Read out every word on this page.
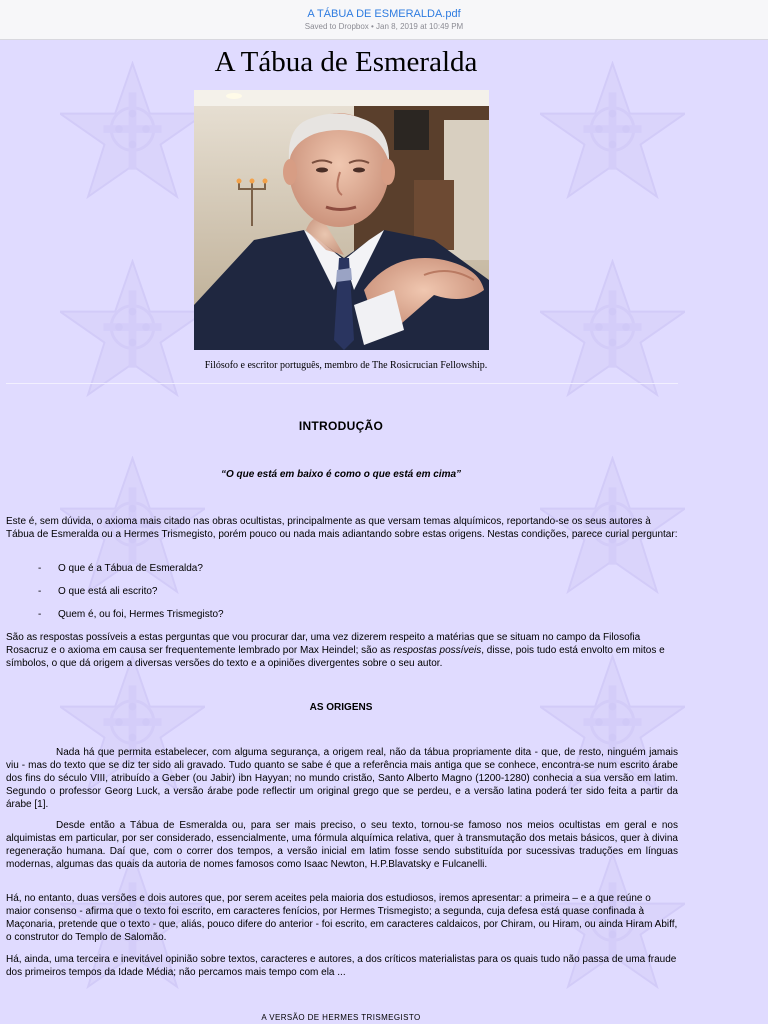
A TÁBUA DE ESMERALDA.pdf
Saved to Dropbox • Jan 8, 2019 at 10:49 PM
A Tábua de Esmeralda
Filósofo e escritor português, membro de The Rosicrucian Fellowship.
INTRODUÇÃO
“O que está em baixo é como o que está em cima”
Este é, sem dúvida, o axioma mais citado nas obras ocultistas, principalmente as que versam temas alquímicos, reportando-se os seus autores à Tábua de Esmeralda ou a Hermes Trismegisto, porém pouco ou nada mais adiantando sobre estas origens. Nestas condições, parece curial perguntar:
- O que é a Tábua de Esmeralda?
- O que está ali escrito?
- Quem é, ou foi, Hermes Trismegisto?
São as respostas possíveis a estas perguntas que vou procurar dar, uma vez dizerem respeito a matérias que se situam no campo da Filosofia Rosacruz e o axioma em causa ser frequentemente lembrado por Max Heindel; são as respostas possíveis, disse, pois tudo está envolto em mitos e símbolos, o que dá origem a diversas versões do texto e a opiniões divergentes sobre o seu autor.
AS ORIGENS
Nada há que permita estabelecer, com alguma segurança, a origem real, não da tábua propriamente dita - que, de resto, ninguém jamais viu - mas do texto que se diz ter sido ali gravado. Tudo quanto se sabe é que a referência mais antiga que se conhece, encontra-se num escrito árabe dos fins do século VIII, atribuído a Geber (ou Jabir) ibn Hayyan; no mundo cristão, Santo Alberto Magno (1200-1280) conhecia a sua versão em latim. Segundo o professor Georg Luck, a versão árabe pode reflectir um original grego que se perdeu, e a versão latina poderá ter sido feita a partir da árabe [1].
Desde então a Tábua de Esmeralda ou, para ser mais preciso, o seu texto, tornou-se famoso nos meios ocultistas em geral e nos alquimistas em particular, por ser considerado, essencialmente, uma fórmula alquímica relativa, quer à transmutação dos metais básicos, quer à divina regeneração humana. Daí que, com o correr dos tempos, a versão inicial em latim fosse sendo substituída por sucessivas traduções em línguas modernas, algumas das quais da autoria de nomes famosos como Isaac Newton, H.P.Blavatsky e Fulcanelli.
Há, no entanto, duas versões e dois autores que, por serem aceites pela maioria dos estudiosos, iremos apresentar: a primeira – e a que reúne o maior consenso - afirma que o texto foi escrito, em caracteres fenícios, por Hermes Trismegisto; a segunda, cuja defesa está quase confinada à Maçonaria, pretende que o texto - que, aliás, pouco difere do anterior - foi escrito, em caracteres caldaicos, por Chiram, ou Hiram, ou ainda Hiram Abiff, o construtor do Templo de Salomão.
Há, ainda, uma terceira e inevitável opinião sobre textos, caracteres e autores, a dos críticos materialistas para os quais tudo não passa de uma fraude dos primeiros tempos da Idade Média; não percamos mais tempo com ela ...
A VERSÃO DE HERMES TRISMEGISTO
